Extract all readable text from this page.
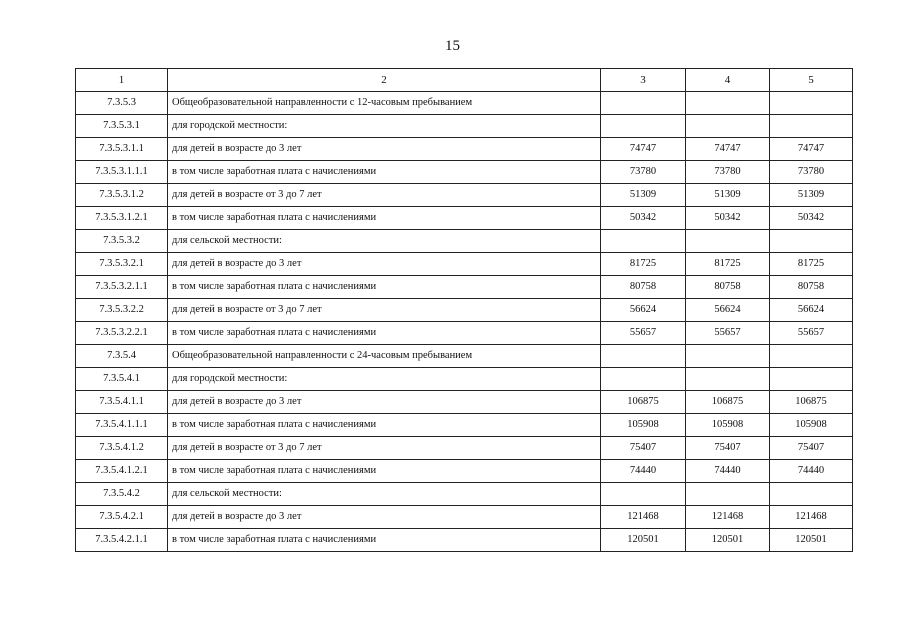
15
1	2	3	4	5
7.3.5.3	Общеобразовательной направленности с 12-часовым пребыванием			
7.3.5.3.1	для городской местности:			
7.3.5.3.1.1	для детей в возрасте до 3 лет	74747	74747	74747
7.3.5.3.1.1.1	в том числе заработная плата с начислениями	73780	73780	73780
7.3.5.3.1.2	для детей в возрасте от 3 до 7 лет	51309	51309	51309
7.3.5.3.1.2.1	в том числе заработная плата с начислениями	50342	50342	50342
7.3.5.3.2	для сельской местности:			
7.3.5.3.2.1	для детей в возрасте до 3 лет	81725	81725	81725
7.3.5.3.2.1.1	в том числе заработная плата с начислениями	80758	80758	80758
7.3.5.3.2.2	для детей в возрасте от 3 до 7 лет	56624	56624	56624
7.3.5.3.2.2.1	в том числе заработная плата с начислениями	55657	55657	55657
7.3.5.4	Общеобразовательной направленности с 24-часовым пребыванием			
7.3.5.4.1	для городской местности:			
7.3.5.4.1.1	для детей в возрасте до 3 лет	106875	106875	106875
7.3.5.4.1.1.1	в том числе заработная плата с начислениями	105908	105908	105908
7.3.5.4.1.2	для детей в возрасте от 3 до 7 лет	75407	75407	75407
7.3.5.4.1.2.1	в том числе заработная плата с начислениями	74440	74440	74440
7.3.5.4.2	для сельской местности:			
7.3.5.4.2.1	для детей в возрасте до 3 лет	121468	121468	121468
7.3.5.4.2.1.1	в том числе заработная плата с начислениями	120501	120501	120501
